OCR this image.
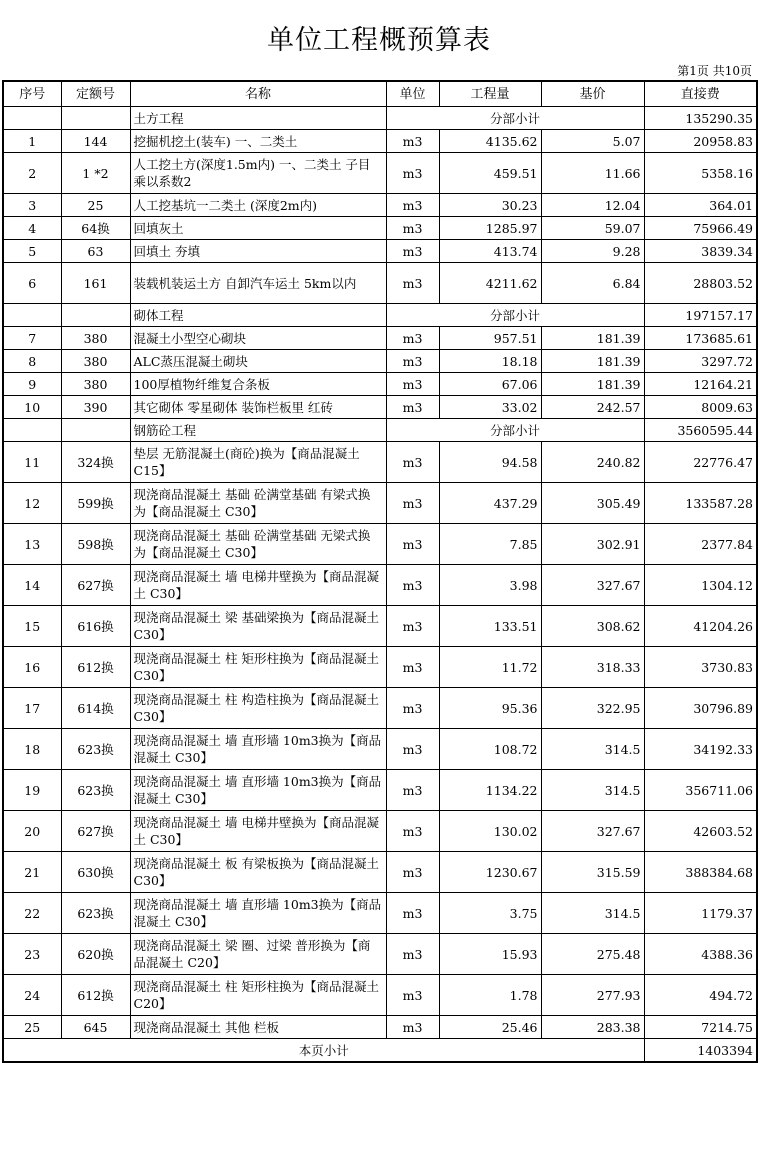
单位工程概预算表
第1页 共10页
序号	定额号	名称	单位	工程量	基价	直接费
		土方工程	分部小计			135290.35
1	144	挖掘机挖土(装车) 一、二类土	m3	4135.62	5.07	20958.83
2	1 *2	人工挖土方(深度1.5m内) 一、二类土 子目乘以系数2	m3	459.51	11.66	5358.16
3	25	人工挖基坑一二类土 (深度2m内)	m3	30.23	12.04	364.01
4	64换	回填灰土	m3	1285.97	59.07	75966.49
5	63	回填土 夯填	m3	413.74	9.28	3839.34
6	161	装载机装运土方 自卸汽车运土 5km以内	m3	4211.62	6.84	28803.52
		砌体工程	分部小计			197157.17
7	380	混凝土小型空心砌块	m3	957.51	181.39	173685.61
8	380	ALC蒸压混凝土砌块	m3	18.18	181.39	3297.72
9	380	100厚植物纤维复合条板	m3	67.06	181.39	12164.21
10	390	其它砌体 零星砌体 装饰栏板里 红砖	m3	33.02	242.57	8009.63
		钢筋砼工程	分部小计			3560595.44
11	324换	垫层 无筋混凝土(商砼)换为【商品混凝土 C15】	m3	94.58	240.82	22776.47
12	599换	现浇商品混凝土 基础 砼满堂基础 有梁式换为【商品混凝土 C30】	m3	437.29	305.49	133587.28
13	598换	现浇商品混凝土 基础 砼满堂基础 无梁式换为【商品混凝土 C30】	m3	7.85	302.91	2377.84
14	627换	现浇商品混凝土 墙 电梯井壁换为【商品混凝土 C30】	m3	3.98	327.67	1304.12
15	616换	现浇商品混凝土 梁 基础梁换为【商品混凝土 C30】	m3	133.51	308.62	41204.26
16	612换	现浇商品混凝土 柱 矩形柱换为【商品混凝土 C30】	m3	11.72	318.33	3730.83
17	614换	现浇商品混凝土 柱 构造柱换为【商品混凝土 C30】	m3	95.36	322.95	30796.89
18	623换	现浇商品混凝土 墙 直形墙 10m3换为【商品混凝土 C30】	m3	108.72	314.5	34192.33
19	623换	现浇商品混凝土 墙 直形墙 10m3换为【商品混凝土 C30】	m3	1134.22	314.5	356711.06
20	627换	现浇商品混凝土 墙 电梯井壁换为【商品混凝土 C30】	m3	130.02	327.67	42603.52
21	630换	现浇商品混凝土 板 有梁板换为【商品混凝土 C30】	m3	1230.67	315.59	388384.68
22	623换	现浇商品混凝土 墙 直形墙 10m3换为【商品混凝土 C30】	m3	3.75	314.5	1179.37
23	620换	现浇商品混凝土 梁 圈、过梁 普形换为【商品混凝土 C20】	m3	15.93	275.48	4388.36
24	612换	现浇商品混凝土 柱 矩形柱换为【商品混凝土 C20】	m3	1.78	277.93	494.72
25	645	现浇商品混凝土 其他 栏板	m3	25.46	283.38	7214.75
本页小计						1403394
